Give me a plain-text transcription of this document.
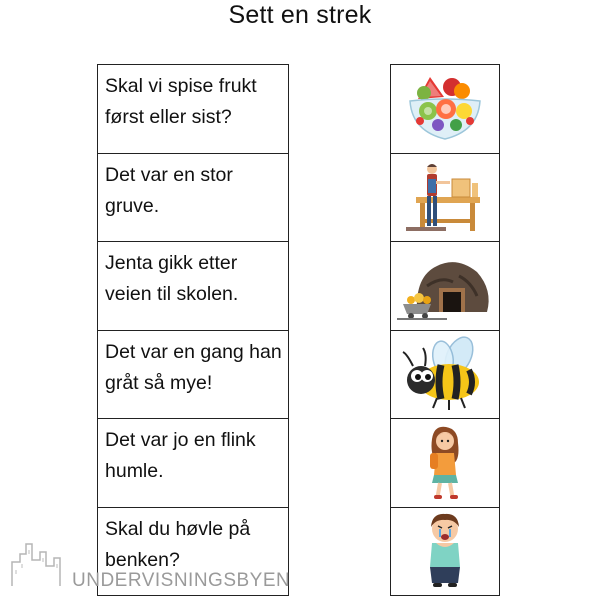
Sett en strek
Skal vi spise frukt først eller sist?
Det var en stor gruve.
Jenta gikk etter veien til skolen.
Det var en gang han gråt så mye!
Det var jo en flink humle.
Skal du høvle på benken?
UNDERVISNINGSBYEN
